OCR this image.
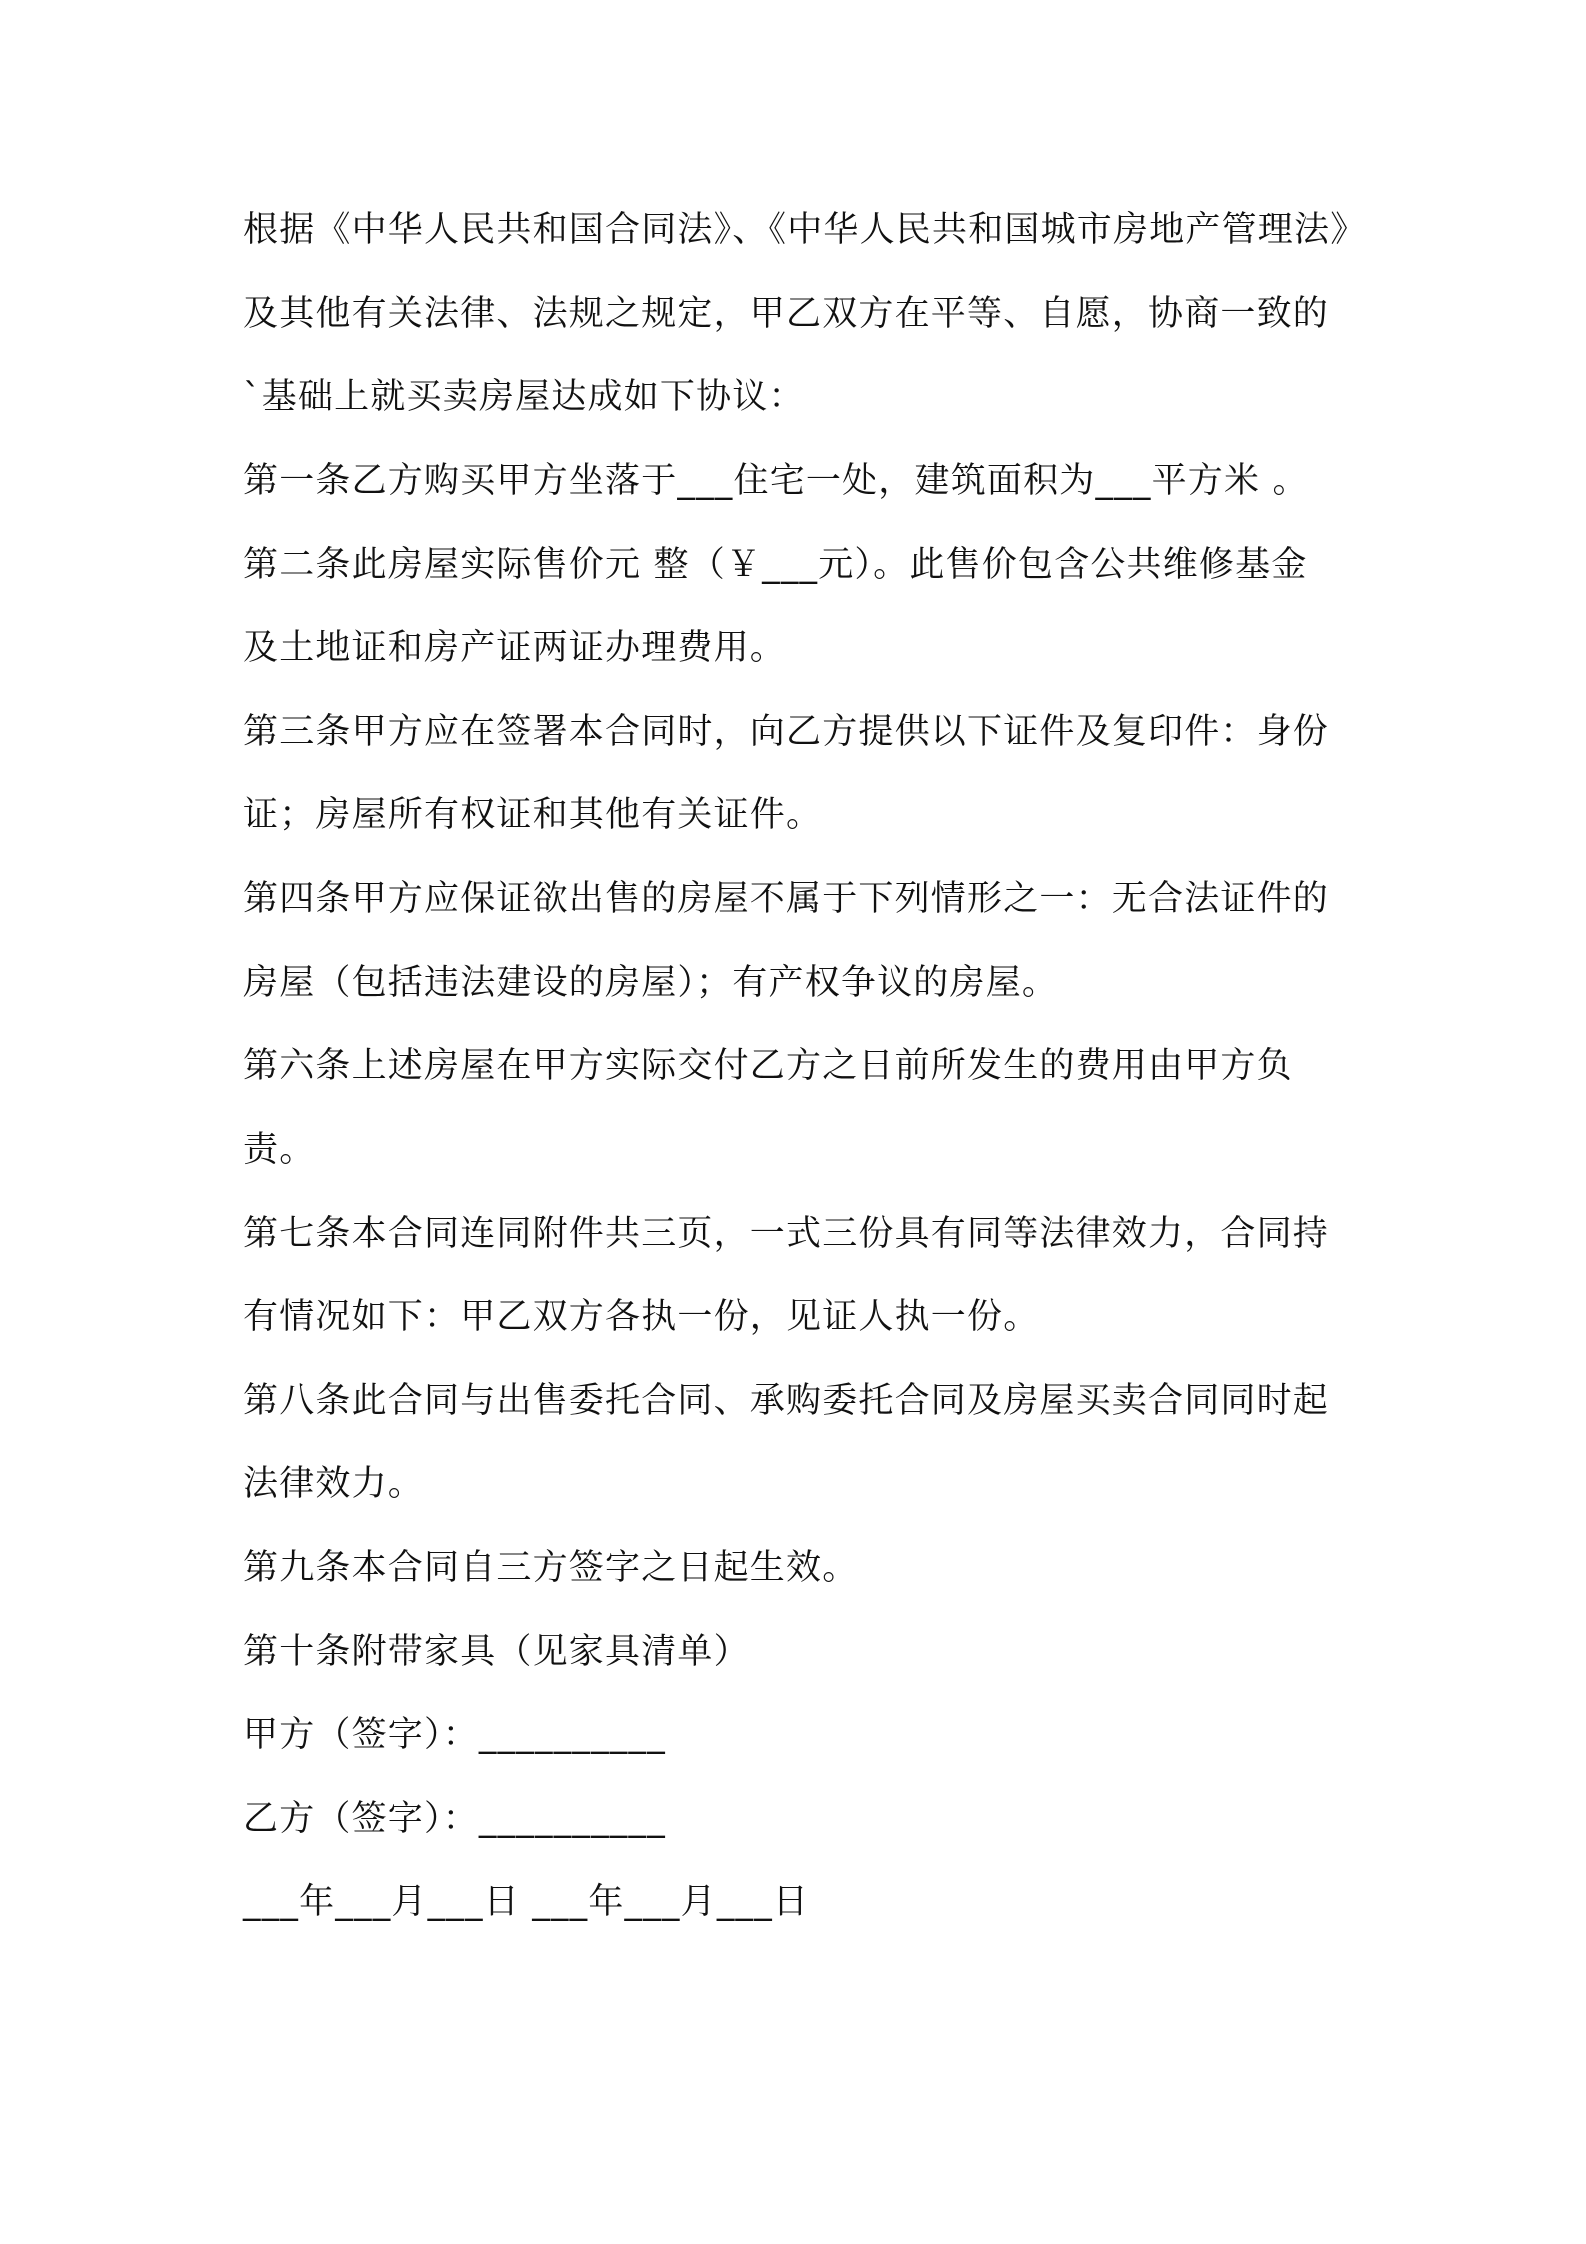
根据《中华人民共和国合同法》、《中华人民共和国城市房地产管理法》
及其他有关法律、法规之规定，甲乙双方在平等、自愿，协商一致的
`基础上就买卖房屋达成如下协议：
第一条乙方购买甲方坐落于___住宅一处，建筑面积为___平方米 。
第二条此房屋实际售价元 整（￥___元）。此售价包含公共维修基金
及土地证和房产证两证办理费用。
第三条甲方应在签署本合同时，向乙方提供以下证件及复印件：身份
证；房屋所有权证和其他有关证件。
第四条甲方应保证欲出售的房屋不属于下列情形之一：无合法证件的
房屋（包括违法建设的房屋）；有产权争议的房屋。
第六条上述房屋在甲方实际交付乙方之日前所发生的费用由甲方负
责。
第七条本合同连同附件共三页，一式三份具有同等法律效力，合同持
有情况如下：甲乙双方各执一份，见证人执一份。
第八条此合同与出售委托合同、承购委托合同及房屋买卖合同同时起
法律效力。
第九条本合同自三方签字之日起生效。
第十条附带家具（见家具清单）
甲方（签字）：__________
乙方（签字）：__________
___年___月___日 ___年___月___日
